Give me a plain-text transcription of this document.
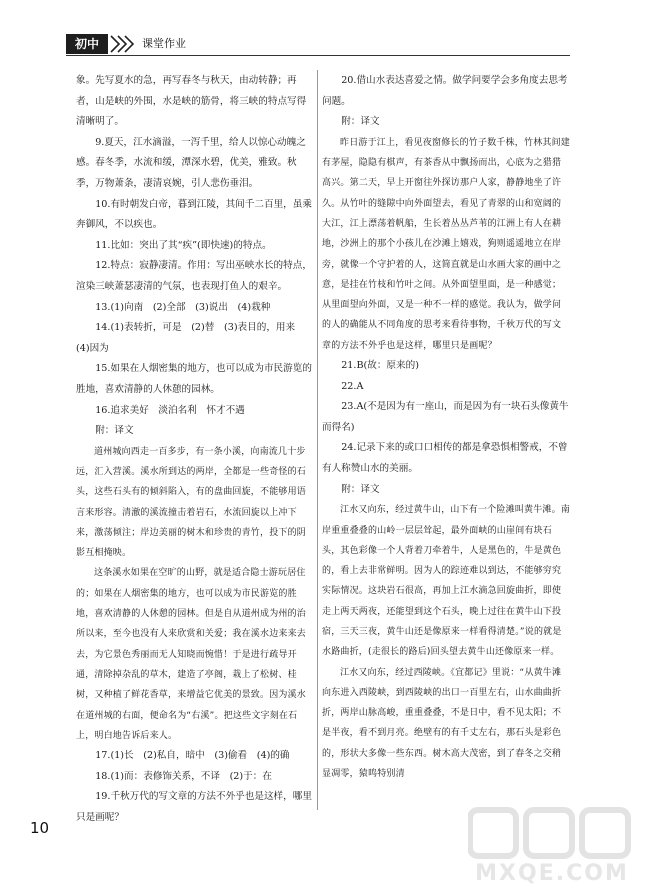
初中	课堂作业

象。先写夏水的急，再写春冬与秋天，由动转静；再者，山是峡的外围，水是峡的筋骨，将三峡的特点写得清晰明了。

9.夏天，江水滴溢，一泻千里，给人以惊心动魄之感。春冬季，水流和缓，潭深水碧，优美，雅致。秋季，万物萧条，凄清哀婉，引人悲伤垂泪。

10.有时朝发白帝，暮到江陵，其间千二百里，虽乘奔御风，不以疾也。

11.比如：突出了其“疾”(即快速)的特点。

12.特点：寂静凄清。作用：写出巫峡水长的特点，渲染三峡萧瑟凄清的气氛，也表现打鱼人的艰辛。

13.(1)向南　(2)全部　(3)说出　(4)栽种

14.(1)表转折，可是　(2)替　(3)表目的，用来　(4)因为

15.如果在人烟密集的地方，也可以成为市民游览的胜地，喜欢清静的人休憩的园林。

16.追求美好　淡泊名利　怀才不遇

附：译文

道州城向西走一百多步，有一条小溪，向南流几十步远，汇入营溪。溪水所到达的两岸，全都是一些奇怪的石头，这些石头有的倾斜陷入，有的盘曲回旋，不能够用语言来形容。清澈的溪流撞击着岩石，水流回旋以上冲下来，激荡倾注；岸边美丽的树木和珍贵的青竹，投下的阴影互相掩映。

这条溪水如果在空旷的山野，就是适合隐士游玩居住的；如果在人烟密集的地方，也可以成为市民游览的胜地，喜欢清静的人休憩的园林。但是自从道州成为州的治所以来，至今也没有人来欣赏和关爱；我在溪水边来来去去，为它景色秀丽而无人知晓而惋惜！于是进行疏导开通，清除掉杂乱的草木，建造了亭阁，栽上了松树、桂树，又种植了鲜花香草，来增益它优美的景致。因为溪水在道州城的右面，便命名为“右溪”。把这些文字刻在石上，明白地告诉后来人。

17.(1)长　(2)私自，暗中　(3)偷看　(4)的确

18.(1)而：表修饰关系，不译　(2)于：在

19.千秋万代的写文章的方法不外乎也是这样，哪里只是画呢？

20.借山水表达喜爱之情。做学问要学会多角度去思考问题。

附：译文

昨日游于江上，看见夜窗修长的竹子数千株，竹林其间建有茅屋，隐隐有棋声，有茶香从中飘扬而出，心底为之猎猎高兴。第二天，早上开窗往外探访那户人家，静静地坐了许久。从竹叶的缝隙中向外面望去，看见了青翠的山和宽阔的大江，江上漂荡着帆船，生长着丛丛芦苇的江洲上有人在耕地，沙洲上的那个小孩儿在沙滩上嬉戏，狗则遥遥地立在岸旁，就像一个守护着的人，这简直就是山水画大家的画中之意，是挂在竹枝和竹叶之间。从外面望里面，是一种感觉；从里面望向外面，又是一种不一样的感觉。我认为，做学问的人的确能从不同角度的思考来看待事物，千秋万代的写文章的方法不外乎也是这样，哪里只是画呢？

21.B(故：原来的)

22.A

23.A(不是因为有一座山，而是因为有一块石头像黄牛而得名)

24.记录下来的或口口相传的都是拿恐惧相警戒，不曾有人称赞山水的美丽。

附：译文

江水又向东，经过黄牛山，山下有一个险滩叫黄牛滩。南岸重重叠叠的山岭一层层耸起，最外面峡的山崖间有块石头，其色彩像一个人背着刀牵着牛，人是黑色的，牛是黄色的，看上去非常鲜明。因为人的踪迹难以到达，不能够穷究实际情况。这块岩石很高，再加上江水滴急回旋曲折，即使走上两天两夜，还能望到这个石头，晚上过往在黄牛山下投宿，三天三夜，黄牛山还是像原来一样看得清楚。”说的就是水路曲折，(走很长的路后)回头望去黄牛山还像原来一样。

江水又向东，经过西陵峡。《宜都记》里说：“从黄牛滩向东进入西陵峡，到西陵峡的出口一百里左右，山水曲曲折折，两岸山脉高峻，重重叠叠，不是日中，看不见太阳；不是半夜，看不到月亮。绝壁有的有千丈左右，那石头是彩色的，形状大多像一些东西。树木高大茂密，到了春冬之交稍显凋零，猿鸣特别清

10
MXQE.COM
